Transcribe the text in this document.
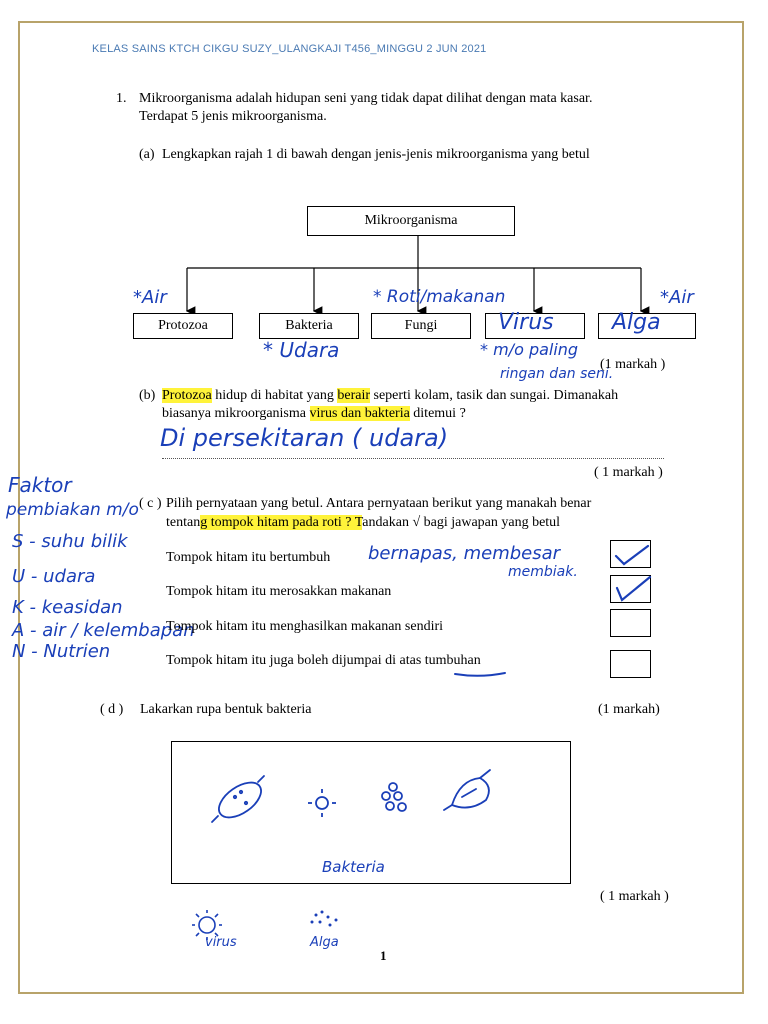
KELAS SAINS KTCH CIKGU SUZY_ULANGKAJI T456_MINGGU 2 JUN 2021
1. Mikroorganisma adalah hidupan seni yang tidak dapat dilihat dengan mata kasar.
Terdapat 5 jenis mikroorganisma.
(a) Lengkapkan rajah 1 di bawah dengan jenis-jenis mikroorganisma yang betul
Mikroorganisma
Protozoa	Bakteria	Fungi
*Air	* Roti/makanan	*Air
Virus	Alga
* Udara	* m/o paling
ringan dan seni.
(1 markah )
(b) Protozoa hidup di habitat yang berair seperti kolam, tasik dan sungai. Dimanakah
biasanya mikroorganisma virus dan bakteria ditemui ?
Di persekitaran ( udara)
( 1 markah )
Faktor
pembiakan m/o
S - suhu bilik
U - udara
K - keasidan
A - air / kelembapan
N - Nutrien
( c ) Pilih pernyataan yang betul. Antara pernyataan berikut yang manakah benar
tentang tompok hitam pada roti ? Tandakan √ bagi jawapan yang betul
Tompok hitam itu bertumbuh
Tompok hitam itu merosakkan makanan
Tompok hitam itu menghasilkan makanan sendiri
Tompok hitam itu juga boleh dijumpai di atas tumbuhan
bernapas, membesar
membiak.
( d ) Lakarkan rupa bentuk bakteria	(1 markah)
Bakteria
( 1 markah )
virus	Alga
1
